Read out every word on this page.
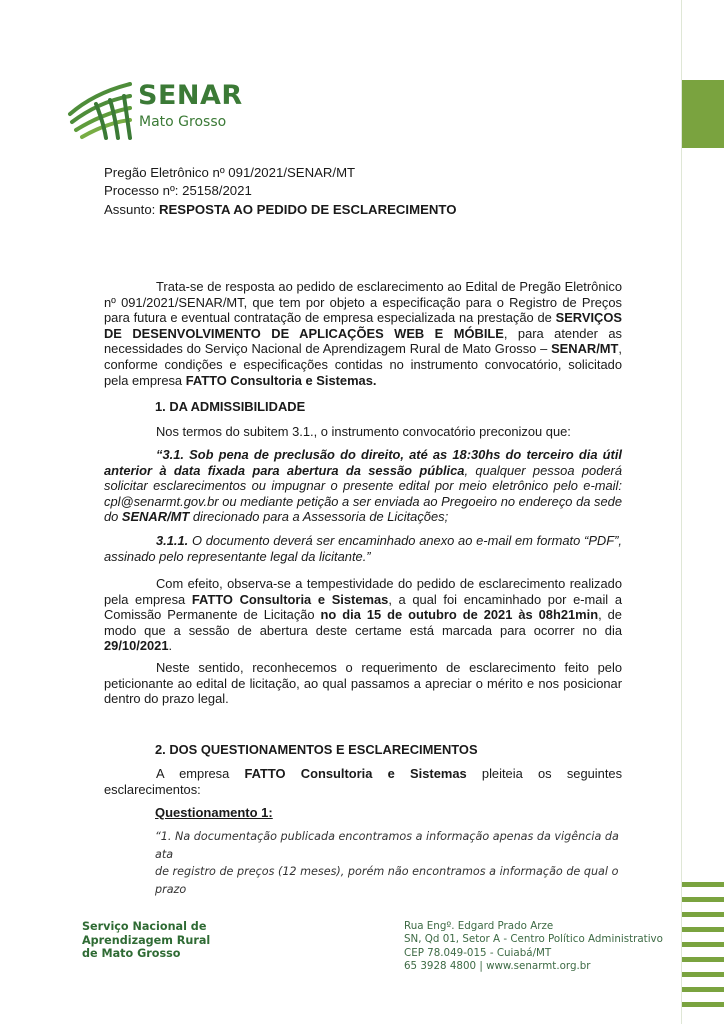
SENAR
Mato Grosso
Pregão Eletrônico nº 091/2021/SENAR/MT
Processo nº: 25158/2021
Assunto: RESPOSTA AO PEDIDO DE ESCLARECIMENTO
Trata-se de resposta ao pedido de esclarecimento ao Edital de Pregão Eletrônico nº 091/2021/SENAR/MT, que tem por objeto a especificação para o Registro de Preços para futura e eventual contratação de empresa especializada na prestação de SERVIÇOS DE DESENVOLVIMENTO DE APLICAÇÕES WEB E MÓBILE, para atender as necessidades do Serviço Nacional de Aprendizagem Rural de Mato Grosso – SENAR/MT, conforme condições e especificações contidas no instrumento convocatório, solicitado pela empresa FATTO Consultoria e Sistemas.
1. DA ADMISSIBILIDADE
Nos termos do subitem 3.1., o instrumento convocatório preconizou que:
“3.1. Sob pena de preclusão do direito, até as 18:30hs do terceiro dia útil anterior à data fixada para abertura da sessão pública, qualquer pessoa poderá solicitar esclarecimentos ou impugnar o presente edital por meio eletrônico pelo e-mail: cpl@senarmt.gov.br ou mediante petição a ser enviada ao Pregoeiro no endereço da sede do SENAR/MT direcionado para a Assessoria de Licitações;
3.1.1. O documento deverá ser encaminhado anexo ao e-mail em formato “PDF”, assinado pelo representante legal da licitante.”
Com efeito, observa-se a tempestividade do pedido de esclarecimento realizado pela empresa FATTO Consultoria e Sistemas, a qual foi encaminhado por e-mail a Comissão Permanente de Licitação no dia 15 de outubro de 2021 às 08h21min, de modo que a sessão de abertura deste certame está marcada para ocorrer no dia 29/10/2021.
Neste sentido, reconhecemos o requerimento de esclarecimento feito pelo peticionante ao edital de licitação, ao qual passamos a apreciar o mérito e nos posicionar dentro do prazo legal.
2. DOS QUESTIONAMENTOS E ESCLARECIMENTOS
A empresa FATTO Consultoria e Sistemas pleiteia os seguintes esclarecimentos:
Questionamento 1:
“1. Na documentação publicada encontramos a informação apenas da vigência da ata
de registro de preços (12 meses), porém não encontramos a informação de qual o prazo
Serviço Nacional de
Aprendizagem Rural
de Mato Grosso
Rua Engº. Edgard Prado Arze
SN, Qd 01, Setor A - Centro Político Administrativo
CEP 78.049-015 - Cuiabá/MT
65 3928 4800 | www.senarmt.org.br
